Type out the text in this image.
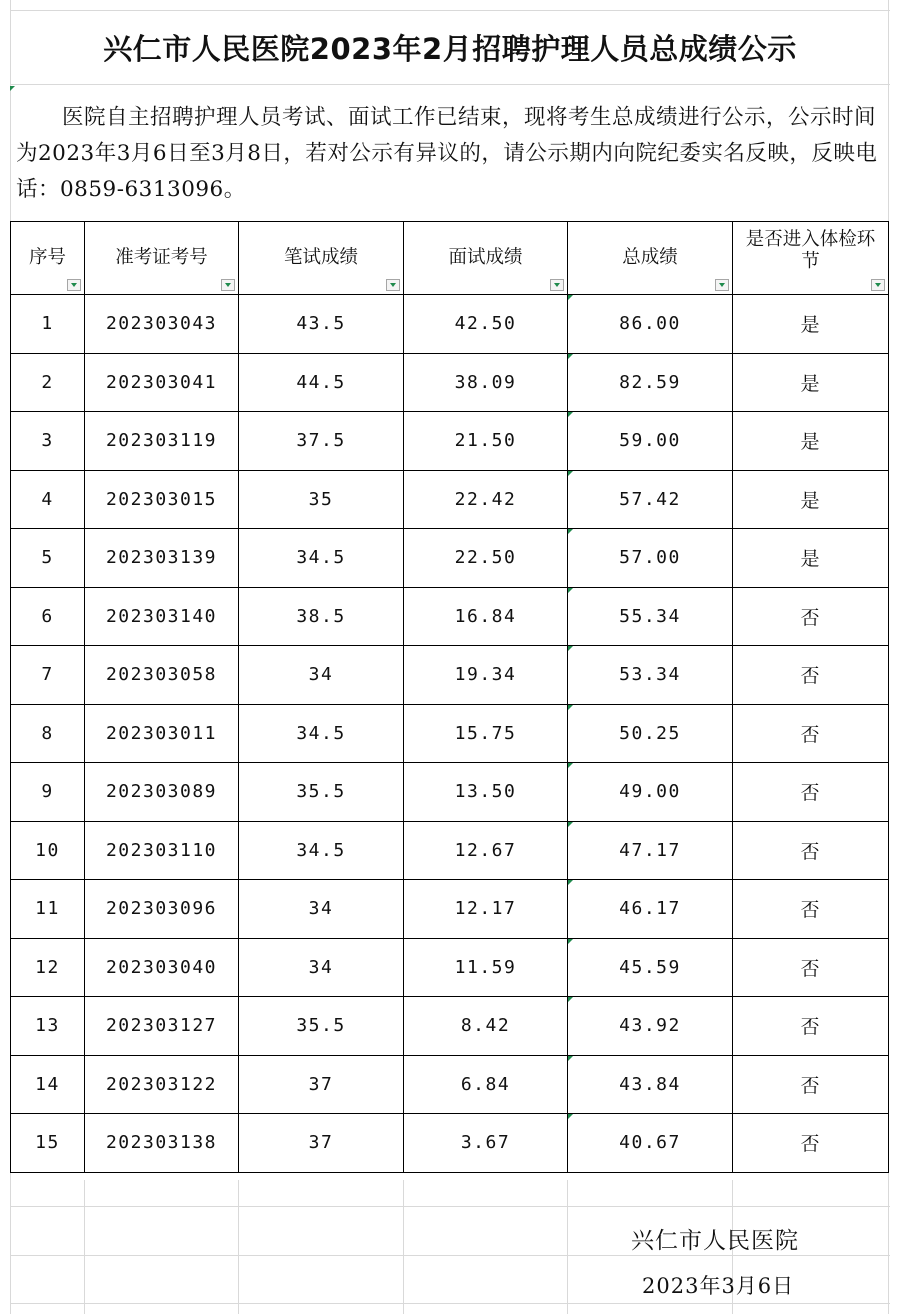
兴仁市人民医院2023年2月招聘护理人员总成绩公示
医院自主招聘护理人员考试、面试工作已结束，现将考生总成绩进行公示，公示时间为2023年3月6日至3月8日，若对公示有异议的，请公示期内向院纪委实名反映，反映电话：0859-6313096。
序号	准考证考号	笔试成绩	面试成绩	总成绩	是否进入体检环节

1	202303043	43.5	42.50	86.00	是
2	202303041	44.5	38.09	82.59	是
3	202303119	37.5	21.50	59.00	是
4	202303015	35	22.42	57.42	是
5	202303139	34.5	22.50	57.00	是
6	202303140	38.5	16.84	55.34	否
7	202303058	34	19.34	53.34	否
8	202303011	34.5	15.75	50.25	否
9	202303089	35.5	13.50	49.00	否
10	202303110	34.5	12.67	47.17	否
11	202303096	34	12.17	46.17	否
12	202303040	34	11.59	45.59	否
13	202303127	35.5	8.42	43.92	否
14	202303122	37	6.84	43.84	否
15	202303138	37	3.67	40.67	否
兴仁市人民医院
2023年3月6日
